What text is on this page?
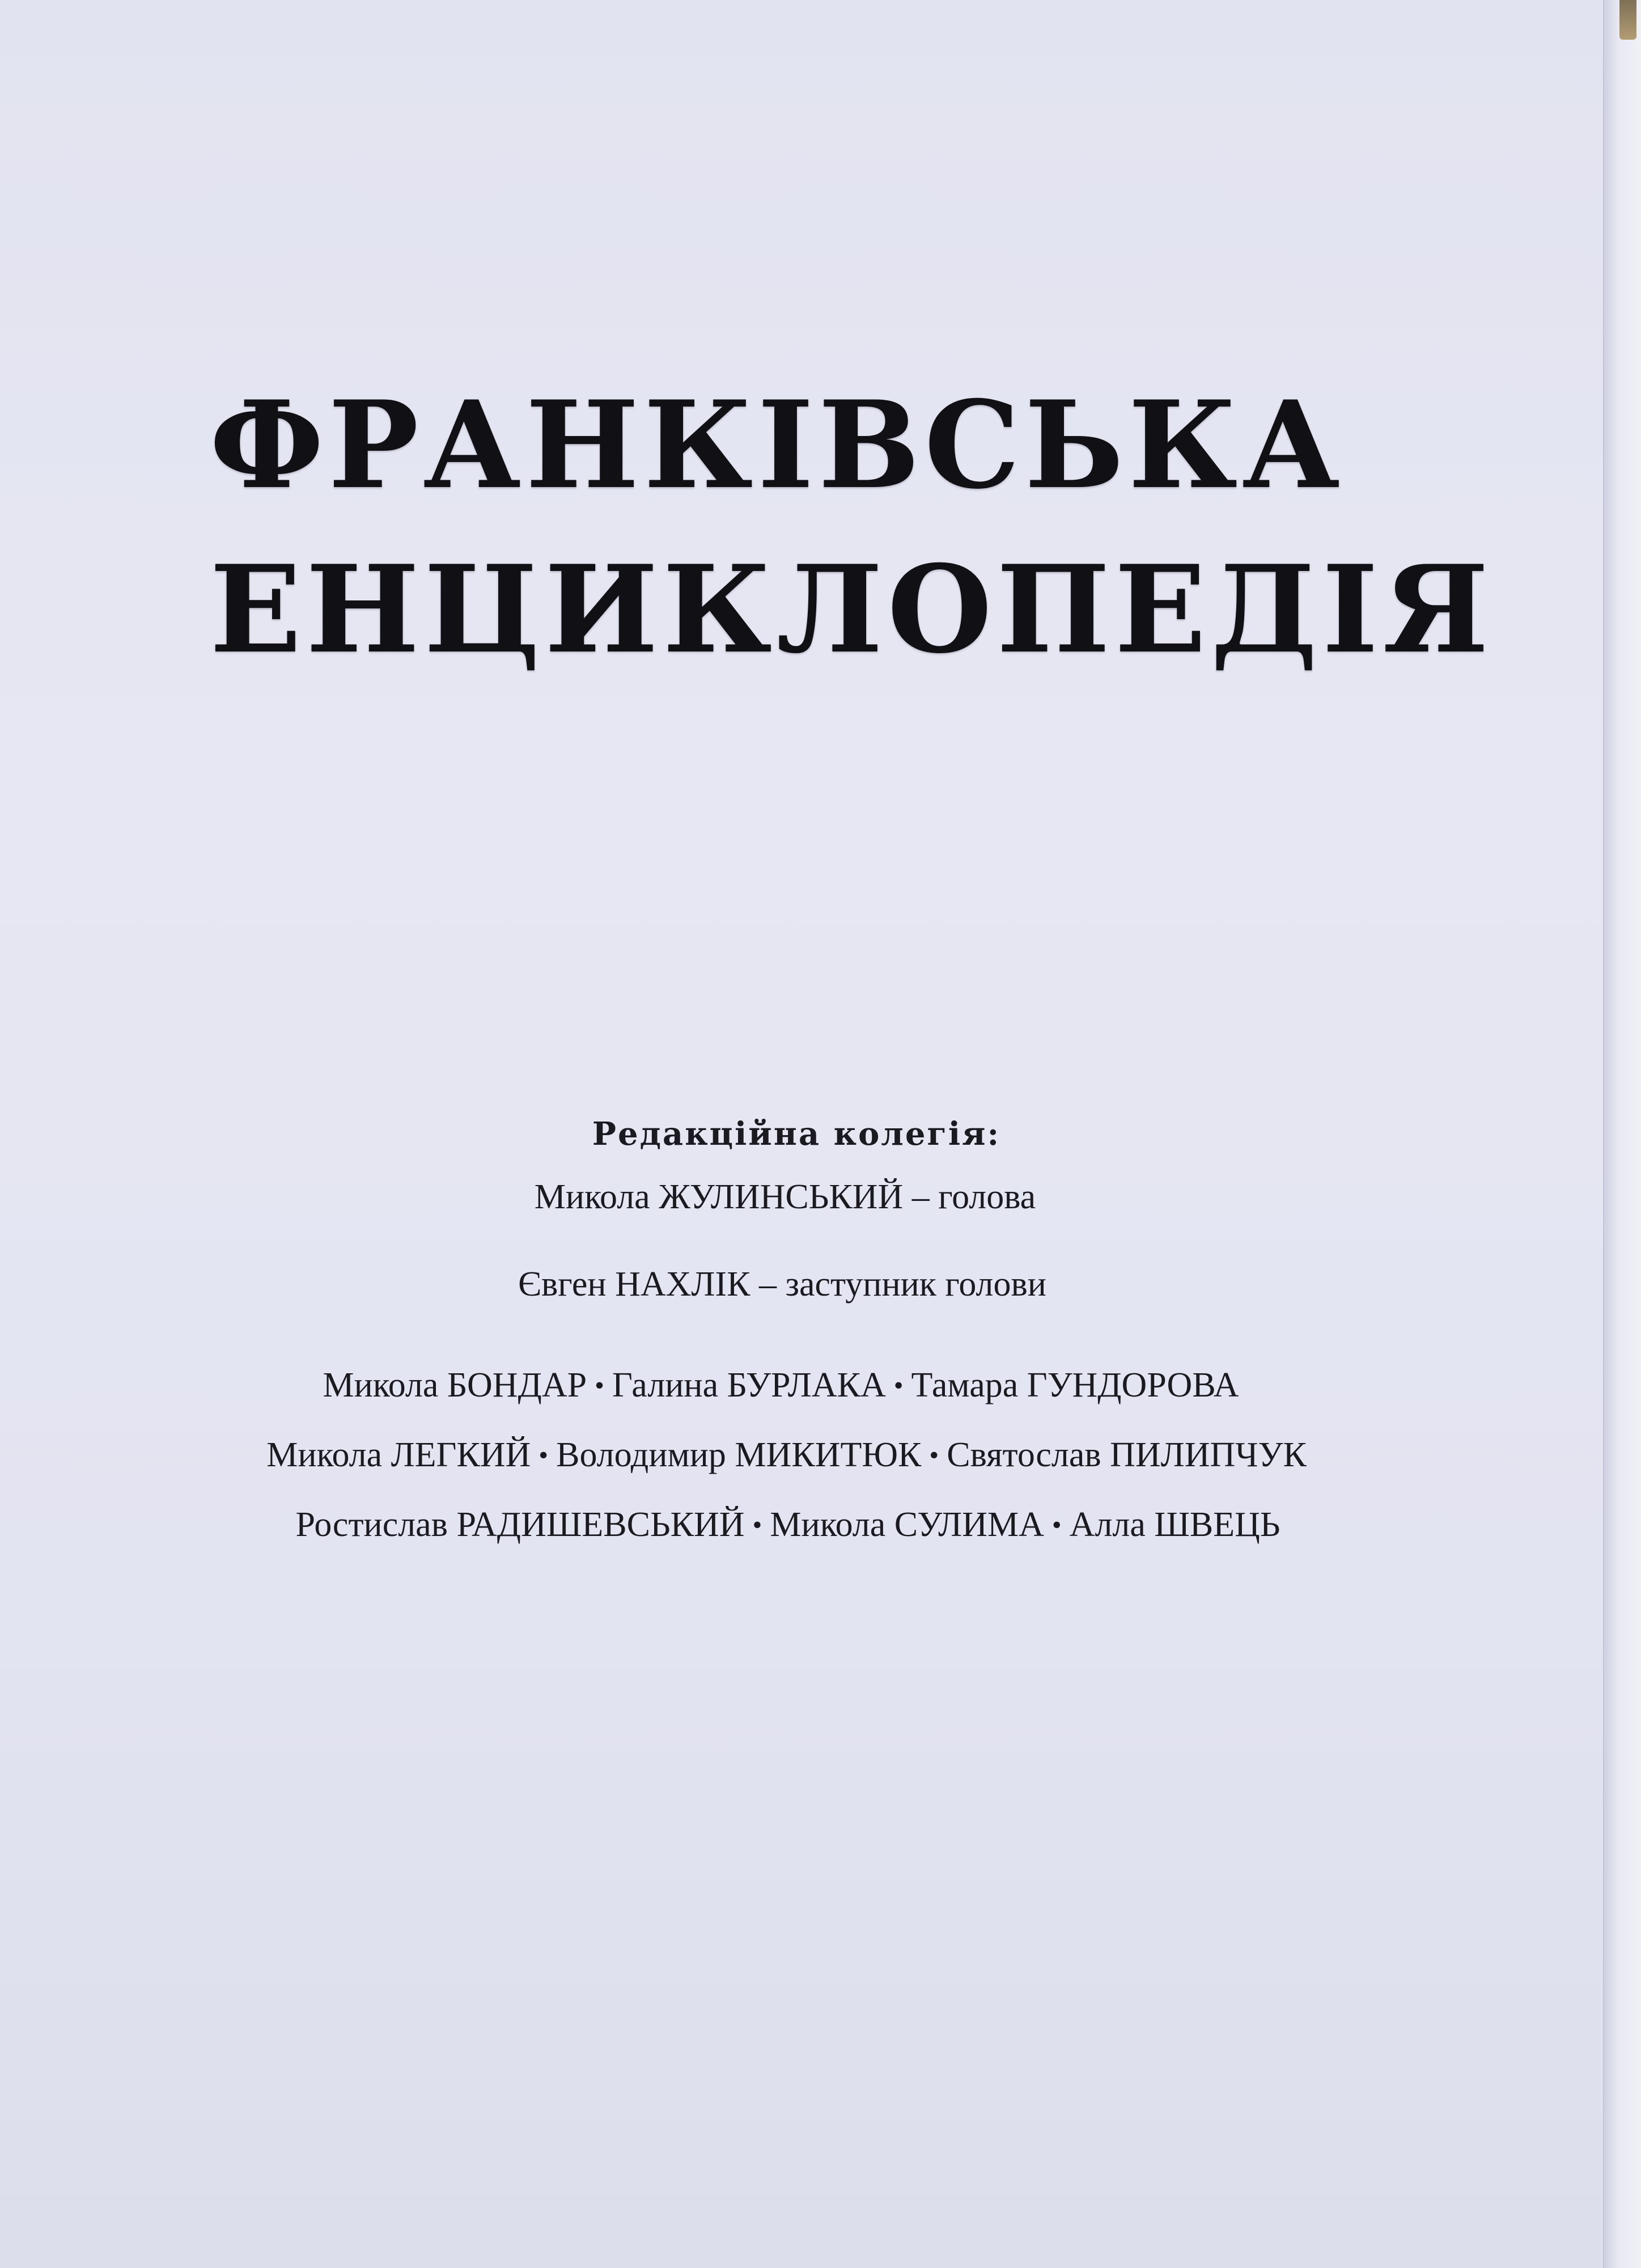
ФРАНКІВСЬКА
ЕНЦИКЛОПЕДІЯ
Редакційна колегія:
Микола ЖУЛИНСЬКИЙ – голова
Євген НАХЛІК – заступник голови
Микола БОНДАР • Галина БУРЛАКА • Тамара ГУНДОРОВА
Микола ЛЕГКИЙ • Володимир МИКИТЮК • Святослав ПИЛИПЧУК
Ростислав РАДИШЕВСЬКИЙ • Микола СУЛИМА • Алла ШВЕЦЬ
